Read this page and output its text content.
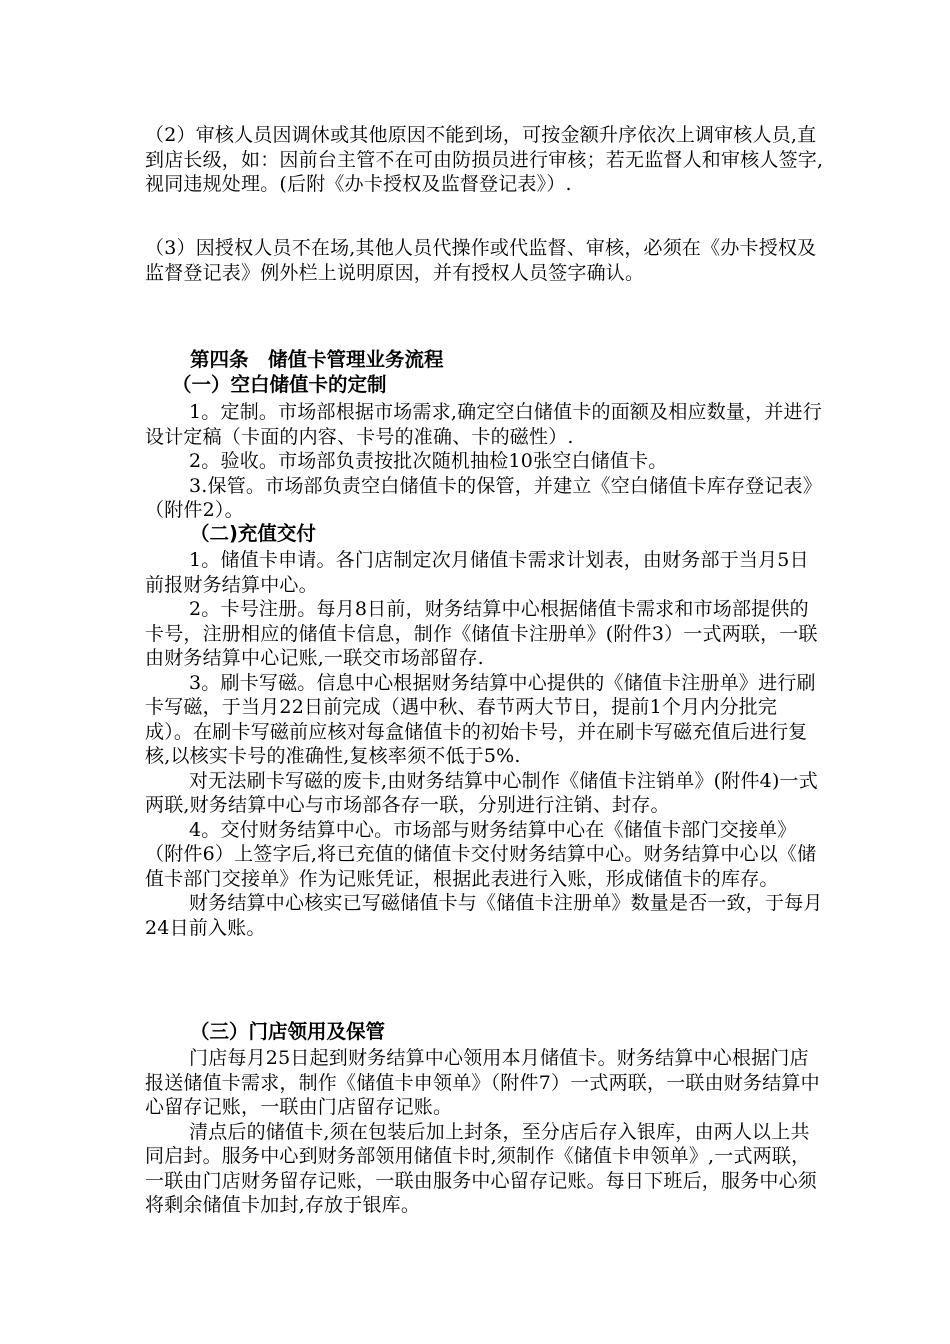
（2）审核人员因调休或其他原因不能到场，可按金额升序依次上调审核人员,直到店长级，如：因前台主管不在可由防损员进行审核；若无监督人和审核人签字,视同违规处理。(后附《办卡授权及监督登记表》）.
（3）因授权人员不在场,其他人员代操作或代监督、审核，必须在《办卡授权及监督登记表》例外栏上说明原因，并有授权人员签字确认。
第四条　储值卡管理业务流程
（一）空白储值卡的定制
1。定制。市场部根据市场需求,确定空白储值卡的面额及相应数量，并进行设计定稿（卡面的内容、卡号的准确、卡的磁性）.
2。验收。市场部负责按批次随机抽检10张空白储值卡。
3.保管。市场部负责空白储值卡的保管，并建立《空白储值卡库存登记表》（附件2）。
（二)充值交付
1。储值卡申请。各门店制定次月储值卡需求计划表，由财务部于当月5日前报财务结算中心。
2。卡号注册。每月8日前，财务结算中心根据储值卡需求和市场部提供的卡号，注册相应的储值卡信息，制作《储值卡注册单》(附件3）一式两联，一联由财务结算中心记账,一联交市场部留存.
3。刷卡写磁。信息中心根据财务结算中心提供的《储值卡注册单》进行刷卡写磁，于当月22日前完成（遇中秋、春节两大节日，提前1个月内分批完成）。在刷卡写磁前应核对每盒储值卡的初始卡号，并在刷卡写磁充值后进行复核,以核实卡号的准确性,复核率须不低于5%.
对无法刷卡写磁的废卡,由财务结算中心制作《储值卡注销单》(附件4)一式两联,财务结算中心与市场部各存一联，分别进行注销、封存。
4。交付财务结算中心。市场部与财务结算中心在《储值卡部门交接单》（附件6）上签字后,将已充值的储值卡交付财务结算中心。财务结算中心以《储值卡部门交接单》作为记账凭证，根据此表进行入账，形成储值卡的库存。
财务结算中心核实已写磁储值卡与《储值卡注册单》数量是否一致，于每月24日前入账。
（三）门店领用及保管
门店每月25日起到财务结算中心领用本月储值卡。财务结算中心根据门店报送储值卡需求，制作《储值卡申领单》（附件7）一式两联，一联由财务结算中心留存记账，一联由门店留存记账。
清点后的储值卡,须在包装后加上封条，至分店后存入银库，由两人以上共同启封。服务中心到财务部领用储值卡时,须制作《储值卡申领单》,一式两联，一联由门店财务留存记账，一联由服务中心留存记账。每日下班后，服务中心须将剩余储值卡加封,存放于银库。
